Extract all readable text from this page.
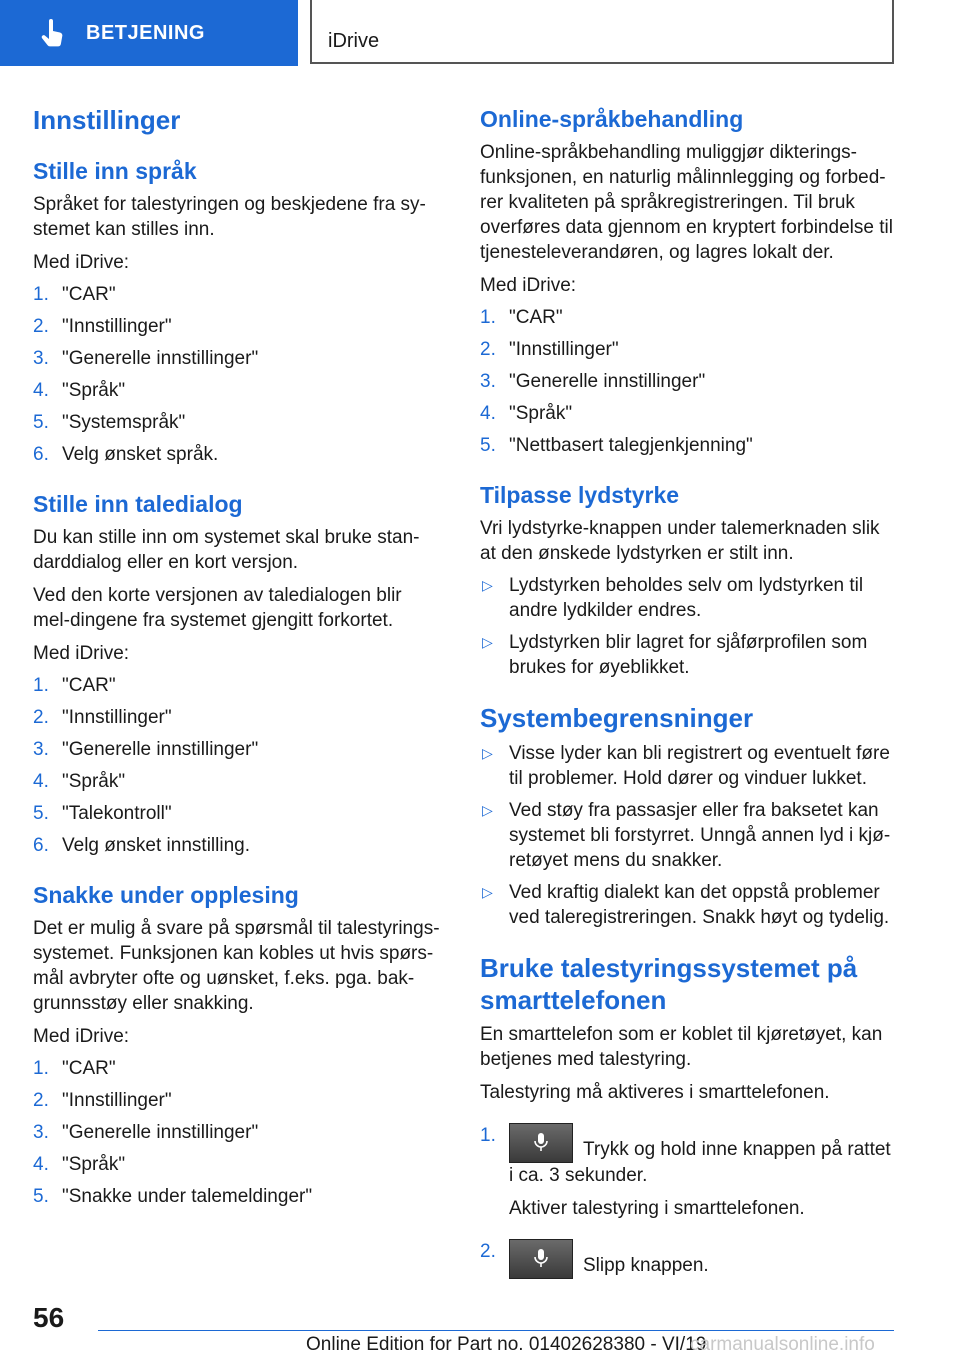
BETJENING	iDrive
Innstillinger
Stille inn språk

Språket for talestyringen og beskjedene fra sy-stemet kan stilles inn.

Med iDrive:

1. "CAR"
2. "Innstillinger"
3. "Generelle innstillinger"
4. "Språk"
5. "Systemspråk"
6. Velg ønsket språk.
Stille inn taledialog

Du kan stille inn om systemet skal bruke stan-darddialog eller en kort versjon.

Ved den korte versjonen av taledialogen blir mel-dingene fra systemet gjengitt forkortet.

Med iDrive:

1. "CAR"
2. "Innstillinger"
3. "Generelle innstillinger"
4. "Språk"
5. "Talekontroll"
6. Velg ønsket innstilling.
Snakke under opplesing

Det er mulig å svare på spørsmål til talestyrings-systemet. Funksjonen kan kobles ut hvis spørs-mål avbryter ofte og uønsket, f.eks. pga. bak-grunnsstøy eller snakking.

Med iDrive:

1. "CAR"
2. "Innstillinger"
3. "Generelle innstillinger"
4. "Språk"
5. "Snakke under talemeldinger"
Online-språkbehandling

Online-språkbehandling muliggjør dikterings-funksjonen, en naturlig målinnlegging og forbed-rer kvaliteten på språkregistreringen. Til bruk overføres data gjennom en kryptert forbindelse til tjenesteleverandøren, og lagres lokalt der.

Med iDrive:

1. "CAR"
2. "Innstillinger"
3. "Generelle innstillinger"
4. "Språk"
5. "Nettbasert talegjenkjenning"
Tilpasse lydstyrke

Vri lydstyrke-knappen under talemerknaden slik at den ønskede lydstyrken er stilt inn.

▷ Lydstyrken beholdes selv om lydstyrken til andre lydkilder endres.
▷ Lydstyrken blir lagret for sjåførprofilen som brukes for øyeblikket.
Systembegrensninger
▷ Visse lyder kan bli registrert og eventuelt føre til problemer. Hold dører og vinduer lukket.
▷ Ved støy fra passasjer eller fra baksetet kan systemet bli forstyrret. Unngå annen lyd i kjø-retøyet mens du snakker.
▷ Ved kraftig dialekt kan det oppstå problemer ved taleregistreringen. Snakk høyt og tydelig.
Bruke talestyringssystemet på smarttelefonen

En smarttelefon som er koblet til kjøretøyet, kan betjenes med talestyring.

Talestyring må aktiveres i smarttelefonen.

1.
Trykk og hold inne knappen på rattet i ca. 3 sekunder.

Aktiver talestyring i smarttelefonen.

2.
Slipp knappen.
56
Online Edition for Part no. 01402628380 - VI/19
carmanualsonline.info
